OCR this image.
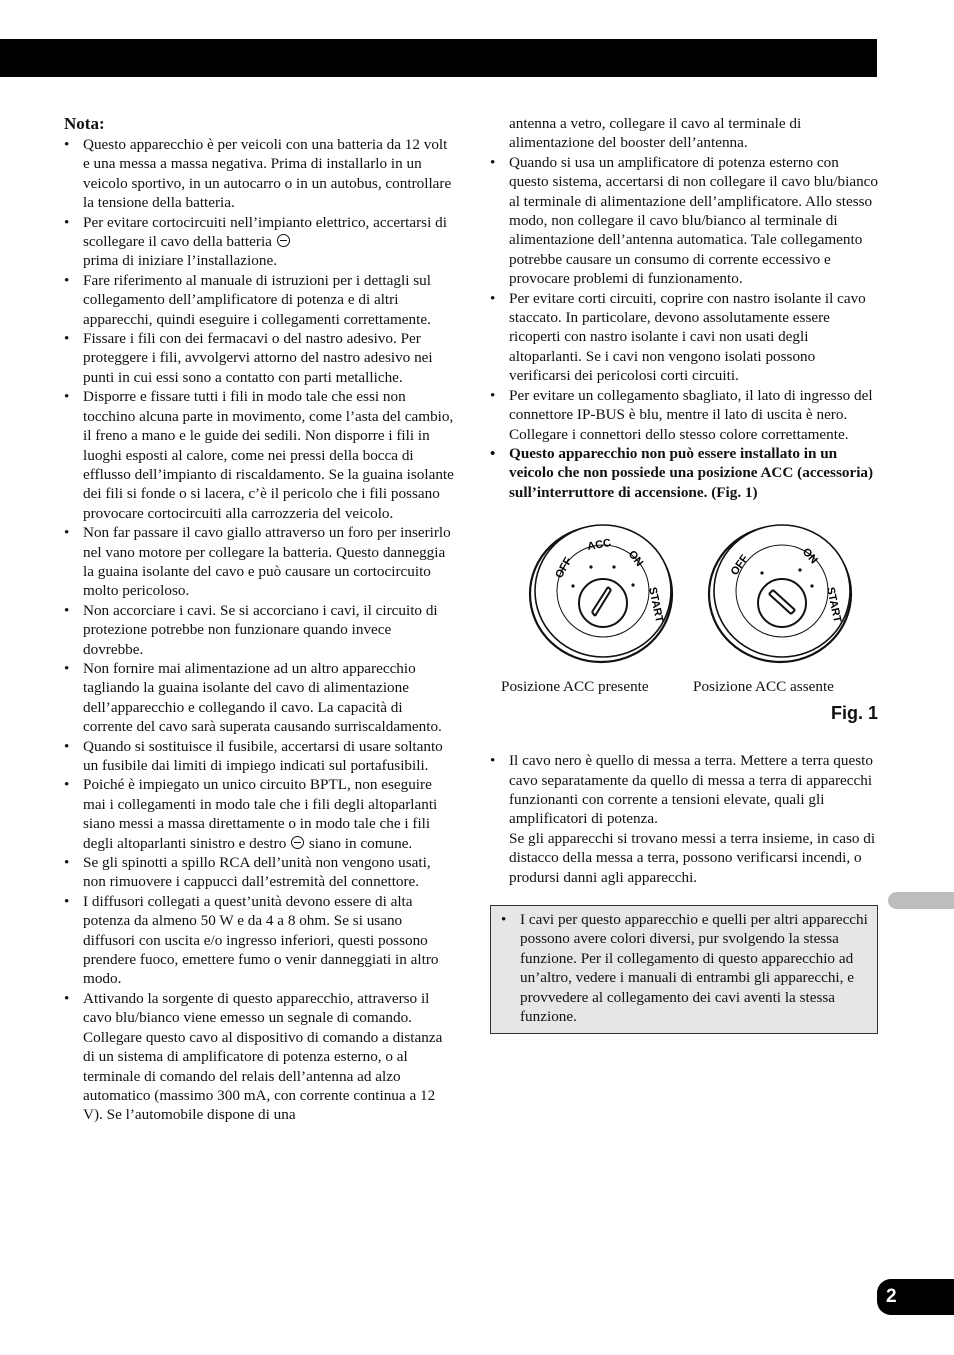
2
Nota:
• Questo apparecchio è per veicoli con una batteria da 12 volt e una messa a massa negativa. Prima di installarlo in un veicolo sportivo, in un autocarro o in un autobus, controllare la tensione della batteria.
• Per evitare cortocircuiti nell’impianto elettrico, accertarsi di scollegare il cavo della batteria
prima di iniziare l’installazione.
• Fare riferimento al manuale di istruzioni per i dettagli sul collegamento dell’amplificatore di potenza e di altri apparecchi, quindi eseguire i collegamenti correttamente.
• Fissare i fili con dei fermacavi o del nastro adesivo. Per proteggere i fili, avvolgervi attorno del nastro adesivo nei punti in cui essi sono a contatto con parti metalliche.
• Disporre e fissare tutti i fili in modo tale che essi non tocchino alcuna parte in movimento, come l’asta del cambio, il freno a mano e le guide dei sedili. Non disporre i fili in luoghi esposti al calore, come nei pressi della bocca di efflusso dell’impianto di riscaldamento. Se la guaina isolante dei fili si fonde o si lacera, c’è il pericolo che i fili possano provocare cortocircuiti alla carrozzeria del veicolo.
• Non far passare il cavo giallo attraverso un foro per inserirlo nel vano motore per collegare la batteria. Questo danneggia la guaina isolante del cavo e può causare un cortocircuito molto pericoloso.
• Non accorciare i cavi. Se si accorciano i cavi, il circuito di protezione potrebbe non funzionare quando invece dovrebbe.
• Non fornire mai alimentazione ad un altro apparecchio tagliando la guaina isolante del cavo di alimentazione dell’apparecchio e collegando il cavo. La capacità di corrente del cavo sarà superata causando surriscaldamento.
• Quando si sostituisce il fusibile, accertarsi di usare soltanto un fusibile dai limiti di impiego indicati sul portafusibili.
• Poiché è impiegato un unico circuito BPTL, non eseguire mai i collegamenti in modo tale che i fili degli altoparlanti siano messi a massa direttamente o in modo tale che i fili degli altoparlanti sinistro e destro siano in comune.
• Se gli spinotti a spillo RCA dell’unità non vengono usati, non rimuovere i cappucci dall’estremità del connettore.
• I diffusori collegati a quest’unità devono essere di alta potenza da almeno 50 W e da 4 a 8 ohm. Se si usano diffusori con uscita e/o ingresso inferiori, questi possono prendere fuoco, emettere fumo o venir danneggiati in altro modo.
• Attivando la sorgente di questo apparecchio, attraverso il cavo blu/bianco viene emesso un segnale di comando. Collegare questo cavo al dispositivo di comando a distanza di un sistema di amplificatore di potenza esterno, o al terminale di comando del relais dell’antenna ad alzo automatico (massimo 300 mA, con corrente continua a 12 V). Se l’automobile dispone di una
antenna a vetro, collegare il cavo al terminale di alimentazione del booster dell’antenna.
• Quando si usa un amplificatore di potenza esterno con questo sistema, accertarsi di non collegare il cavo blu/bianco al terminale di alimentazione dell’amplificatore. Allo stesso modo, non collegare il cavo blu/bianco al terminale di alimentazione dell’antenna automatica. Tale collegamento potrebbe causare un consumo di corrente eccessivo e provocare problemi di funzionamento.
• Per evitare corti circuiti, coprire con nastro isolante il cavo staccato. In particolare, devono assolutamente essere ricoperti con nastro isolante i cavi non usati degli altoparlanti. Se i cavi non vengono isolati possono verificarsi dei pericolosi corti circuiti.
• Per evitare un collegamento sbagliato, il lato di ingresso del connettore IP-BUS è blu, mentre il lato di uscita è nero. Collegare i connettori dello stesso colore correttamente.
• Questo apparecchio non può essere installato in un veicolo che non possiede una posizione ACC (accessoria) sull’interruttore di accensione. (Fig. 1)
OFF
ACC
ON
START
OFF	ON
START
Posizione ACC presente	Posizione ACC assente
Fig. 1
• Il cavo nero è quello di messa a terra. Mettere a terra questo cavo separatamente da quello di messa a terra di apparecchi funzionanti con corrente a tensioni elevate, quali gli amplificatori di potenza.
Se gli apparecchi si trovano messi a terra insieme, in caso di distacco della messa a terra, possono verificarsi incendi, o prodursi danni agli apparecchi.
• I cavi per questo apparecchio e quelli per altri apparecchi possono avere colori diversi, pur svolgendo la stessa funzione. Per il collegamento di questo apparecchio ad un’altro, vedere i manuali di entrambi gli apparecchi, e provvedere al collegamento dei cavi aventi la stessa funzione.
